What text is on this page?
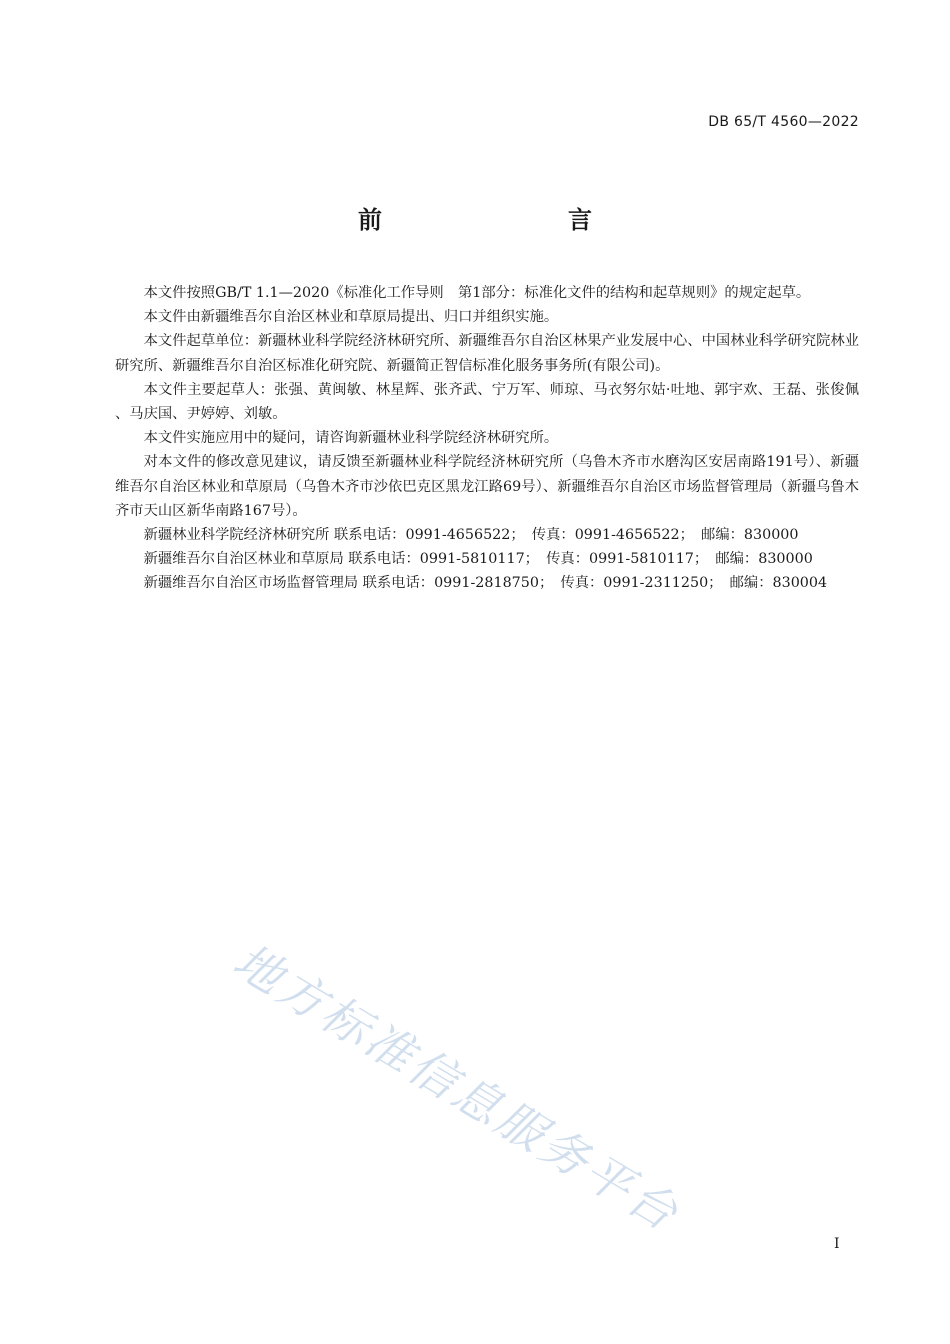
DB 65/T 4560—2022
前　　言

本文件按照GB/T 1.1—2020《标准化工作导则　第1部分：标准化文件的结构和起草规则》的规定起草。

本文件由新疆维吾尔自治区林业和草原局提出、归口并组织实施。

本文件起草单位：新疆林业科学院经济林研究所、新疆维吾尔自治区林果产业发展中心、中国林业科学研究院林业研究所、新疆维吾尔自治区标准化研究院、新疆简正智信标准化服务事务所(有限公司)。

本文件主要起草人：张强、黄闽敏、林星辉、张齐武、宁万军、师琼、马衣努尔姑·吐地、郭宇欢、王磊、张俊佩、马庆国、尹婷婷、刘敏。

本文件实施应用中的疑问，请咨询新疆林业科学院经济林研究所。

对本文件的修改意见建议，请反馈至新疆林业科学院经济林研究所（乌鲁木齐市水磨沟区安居南路191号）、新疆维吾尔自治区林业和草原局（乌鲁木齐市沙依巴克区黑龙江路69号）、新疆维吾尔自治区市场监督管理局（新疆乌鲁木齐市天山区新华南路167号）。

新疆林业科学院经济林研究所 联系电话：0991-4656522；　传真：0991-4656522；　邮编：830000

新疆维吾尔自治区林业和草原局 联系电话：0991-5810117；　传真：0991-5810117；　邮编：830000

新疆维吾尔自治区市场监督管理局 联系电话：0991-2818750；　传真：0991-2311250；　邮编：830004

地方标准信息服务平台
I
